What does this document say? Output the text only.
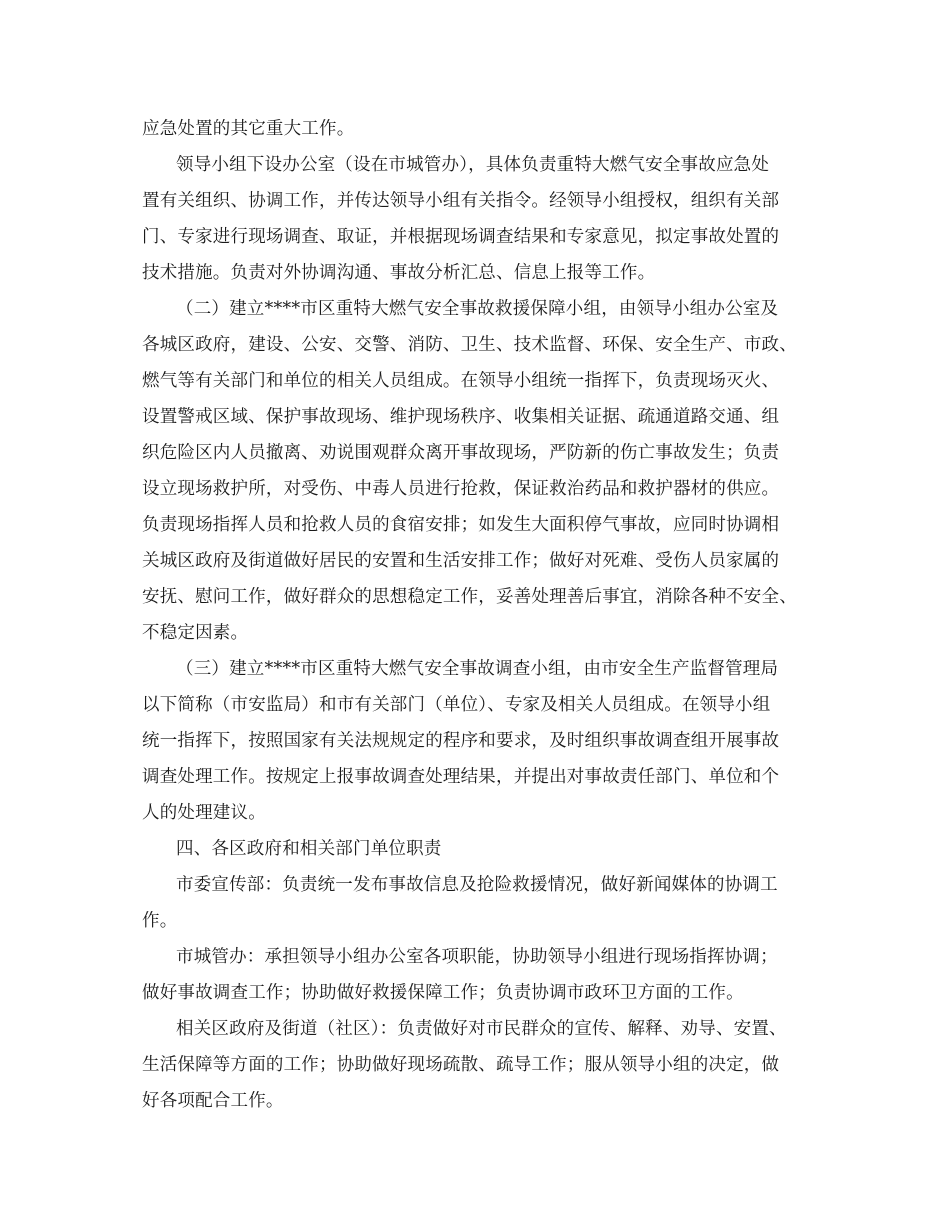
应急处置的其它重大工作。
领导小组下设办公室（设在市城管办），具体负责重特大燃气安全事故应急处
置有关组织、协调工作，并传达领导小组有关指令。经领导小组授权，组织有关部
门、专家进行现场调查、取证，并根据现场调查结果和专家意见，拟定事故处置的
技术措施。负责对外协调沟通、事故分析汇总、信息上报等工作。
（二）建立****市区重特大燃气安全事故救援保障小组，由领导小组办公室及
各城区政府，建设、公安、交警、消防、卫生、技术监督、环保、安全生产、市政、
燃气等有关部门和单位的相关人员组成。在领导小组统一指挥下，负责现场灭火、
设置警戒区域、保护事故现场、维护现场秩序、收集相关证据、疏通道路交通、组
织危险区内人员撤离、劝说围观群众离开事故现场，严防新的伤亡事故发生；负责
设立现场救护所，对受伤、中毒人员进行抢救，保证救治药品和救护器材的供应。
负责现场指挥人员和抢救人员的食宿安排；如发生大面积停气事故，应同时协调相
关城区政府及街道做好居民的安置和生活安排工作；做好对死难、受伤人员家属的
安抚、慰问工作，做好群众的思想稳定工作，妥善处理善后事宜，消除各种不安全、
不稳定因素。
（三）建立****市区重特大燃气安全事故调查小组，由市安全生产监督管理局
以下简称（市安监局）和市有关部门（单位）、专家及相关人员组成。在领导小组
统一指挥下，按照国家有关法规规定的程序和要求，及时组织事故调查组开展事故
调查处理工作。按规定上报事故调查处理结果，并提出对事故责任部门、单位和个
人的处理建议。
四、各区政府和相关部门单位职责
市委宣传部：负责统一发布事故信息及抢险救援情况，做好新闻媒体的协调工
作。
市城管办：承担领导小组办公室各项职能，协助领导小组进行现场指挥协调；
做好事故调查工作；协助做好救援保障工作；负责协调市政环卫方面的工作。
相关区政府及街道（社区）：负责做好对市民群众的宣传、解释、劝导、安置、
生活保障等方面的工作；协助做好现场疏散、疏导工作；服从领导小组的决定，做
好各项配合工作。
